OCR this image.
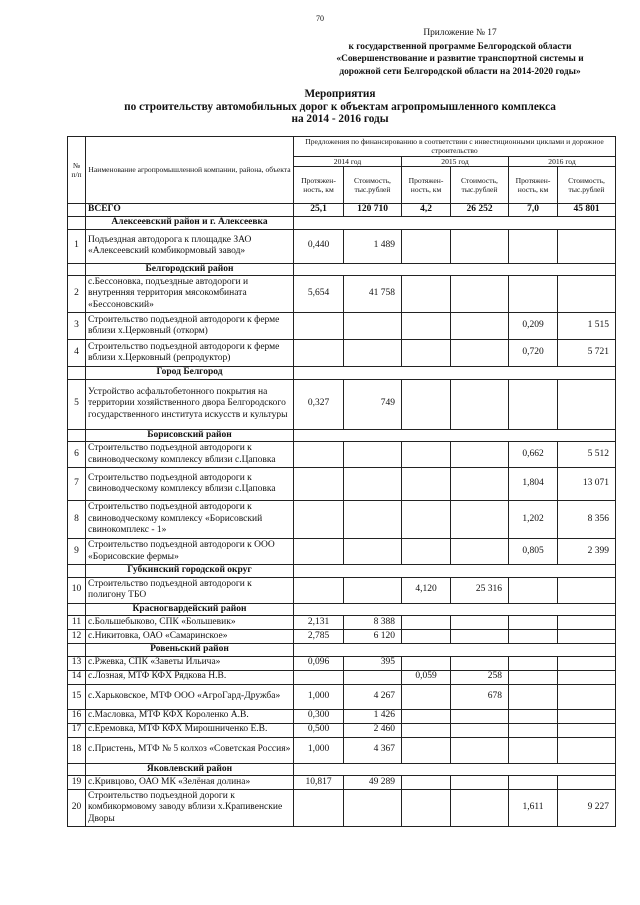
70
Приложение № 17
к государственной программе Белгородской области
«Совершенствование и развитие транспортной системы и
дорожной сети Белгородской области на 2014-2020 годы»
Мероприятия
по строительству автомобильных дорог к объектам агропромышленного комплекса
на 2014 - 2016 годы
№ п/п	Наименование агропромышленной компании, района, объекта	Предложения по финансированию в соответствии с инвестиционными циклами и дорожное строительство					
		2014 год		2015 год		2016 год	
		Протяжен-ность, км	Стоимость, тыс.рублей	Протяжен-ность, км	Стоимость, тыс.рублей	Протяжен-ность, км	Стоимость, тыс.рублей
	ВСЕГО	25,1	120 710	4,2	26 252	7,0	45 801
	Алексеевский район и г. Алексеевка						
1	Подъездная автодорога к площадке ЗАО «Алексеевский комбикормовый завод»	0,440	1 489				
	Белгородский район						
2	с.Бессоновка, подъездные автодороги и внутренняя территория мясокомбината «Бессоновский»	5,654	41 758				
3	Строительство подъездной автодороги к ферме вблизи х.Церковный (откорм)					0,209	1 515
4	Строительство подъездной автодороги к ферме вблизи х.Церковный (репродуктор)					0,720	5 721
	Город Белгород						
5	Устройство асфальтобетонного покрытия на территории хозяйственного двора Белгородского государственного института искусств и культуры	0,327	749				
	Борисовский район						
6	Строительство подъездной автодороги к свиноводческому комплексу вблизи с.Цаповка					0,662	5 512
7	Строительство подъездной автодороги к свиноводческому комплексу вблизи с.Цаповка					1,804	13 071
8	Строительство подъездной автодороги к свиноводческому комплексу «Борисовский свинокомплекс - 1»					1,202	8 356
9	Строительство подъездной автодороги к ООО «Борисовские фермы»					0,805	2 399
	Губкинский городской округ						
10	Строительство подъездной автодороги к полигону ТБО			4,120	25 316		
	Красногвардейский район						
11	с.Большебыково, СПК «Большевик»	2,131	8 388				
12	с.Никитовка, ОАО «Самаринское»	2,785	6 120				
	Ровеньский район						
13	с.Ржевка, СПК «Заветы Ильича»	0,096	395				
14	с.Лозная, МТФ КФХ Рядкова Н.В.			0,059	258		
15	с.Харьковское, МТФ ООО «АгроГард-Дружба»	1,000	4 267		678		
16	с.Масловка, МТФ КФХ Короленко А.В.	0,300	1 426				
17	с.Еремовка, МТФ КФХ Мирошниченко Е.В.	0,500	2 460				
18	с.Пристень, МТФ № 5 колхоз «Советская Россия»	1,000	4 367				
	Яковлевский район						
19	с.Кривцово, ОАО МК «Зелёная долина»	10,817	49 289				
20	Строительство подъездной дороги к комбикормовому заводу вблизи х.Крапивенские Дворы					1,611	9 227
